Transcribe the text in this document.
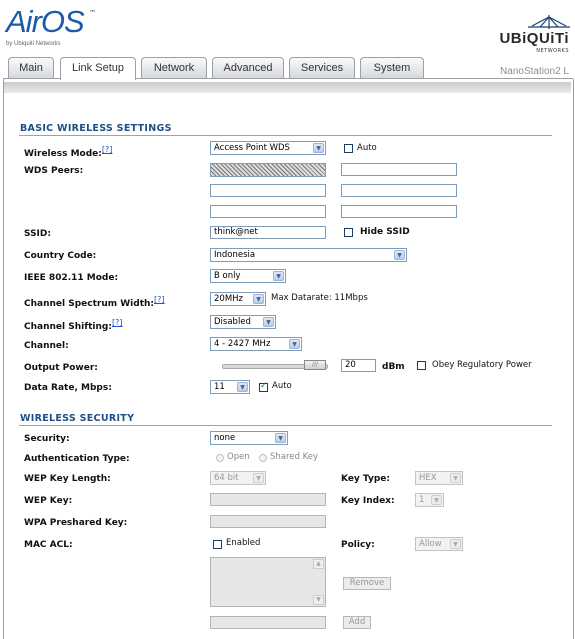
AirOS ™
by Ubiquiti Networks	UBiQUiTi
NETWORKS
NanoStation2 L
Main	Link Setup	Network	Advanced	Services	System
BASIC WIRELESS SETTINGS
Wireless Mode:[?]	Access Point WDS	▼	Auto
WDS Peers:
SSID:	think@net	Hide SSID
Country Code:	Indonesia	▼
IEEE 802.11 Mode:	B only	▼
Channel Spectrum Width:[?]	20MHz	▼	Max Datarate: 11Mbps
Channel Shifting:[?]	Disabled	▼
Channel:	4 - 2427 MHz	▼
Output Power:	///	20	dBm	Obey Regulatory Power
Data Rate, Mbps:	11	▼
✓	Auto
WIRELESS SECURITY
Security:	none	▼
Authentication Type:	Open Shared Key
WEP Key Length:	64 bit	▼	Key Type:	HEX	▼
WEP Key:	Key Index:	1	▼
WPA Preshared Key:
MAC ACL:	Enabled	Policy:	Allow	▼
▲
▼
Remove
Add
